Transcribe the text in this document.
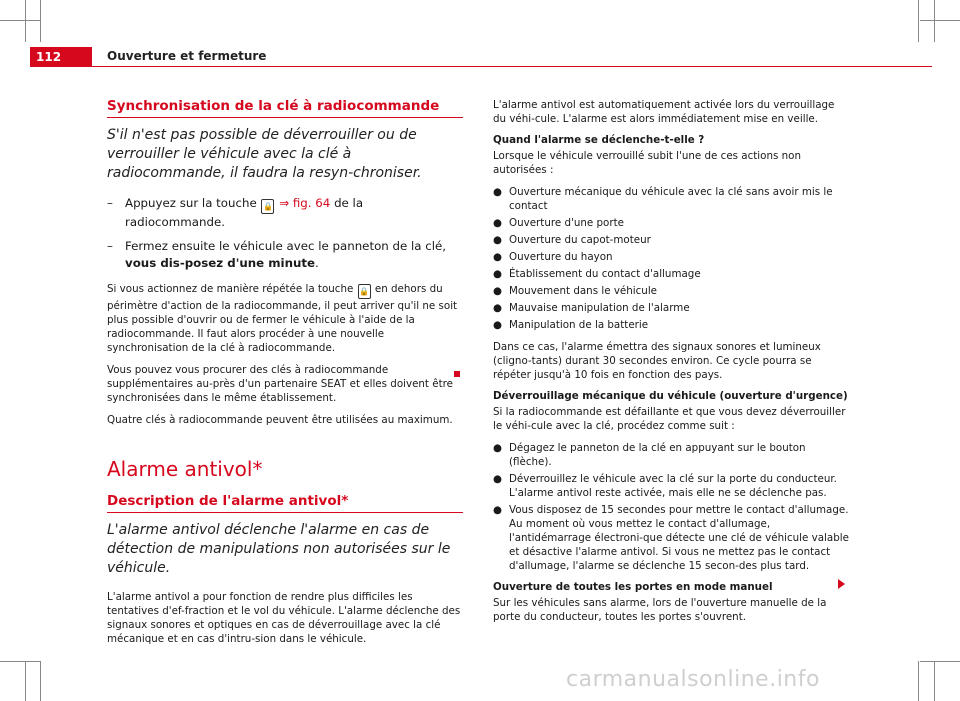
112	Ouverture et fermeture
Synchronisation de la clé à radiocommande

S'il n'est pas possible de déverrouiller ou de verrouiller le véhicule avec la clé à radiocommande, il faudra la resyn-chroniser.

–	Appuyez sur la touche 🔒 ⇒ fig. 64 de la radiocommande.
–	Fermez ensuite le véhicule avec le panneton de la clé, vous dis-posez d'une minute.

Si vous actionnez de manière répétée la touche 🔒 en dehors du périmètre d'action de la radiocommande, il peut arriver qu'il ne soit plus possible d'ouvrir ou de fermer le véhicule à l'aide de la radiocommande. Il faut alors procéder à une nouvelle synchronisation de la clé à radiocommande.

Vous pouvez vous procurer des clés à radiocommande supplémentaires au-près d'un partenaire SEAT et elles doivent être synchronisées dans le même établissement.

Quatre clés à radiocommande peuvent être utilisées au maximum.

Alarme antivol*
Description de l'alarme antivol*

L'alarme antivol déclenche l'alarme en cas de détection de manipulations non autorisées sur le véhicule.

L'alarme antivol a pour fonction de rendre plus difficiles les tentatives d'ef-fraction et le vol du véhicule. L'alarme déclenche des signaux sonores et optiques en cas de déverrouillage avec la clé mécanique et en cas d'intru-sion dans le véhicule.

L'alarme antivol est automatiquement activée lors du verrouillage du véhi-cule. L'alarme est alors immédiatement mise en veille.

Quand l'alarme se déclenche-t-elle ?

Lorsque le véhicule verrouillé subit l'une de ces actions non autorisées :

● Ouverture mécanique du véhicule avec la clé sans avoir mis le contact
● Ouverture d'une porte
● Ouverture du capot-moteur
● Ouverture du hayon
● Établissement du contact d'allumage
● Mouvement dans le véhicule
● Mauvaise manipulation de l'alarme
● Manipulation de la batterie

Dans ce cas, l'alarme émettra des signaux sonores et lumineux (cligno-tants) durant 30 secondes environ. Ce cycle pourra se répéter jusqu'à 10 fois en fonction des pays.

Déverrouillage mécanique du véhicule (ouverture d'urgence)

Si la radiocommande est défaillante et que vous devez déverrouiller le véhi-cule avec la clé, procédez comme suit :

● Dégagez le panneton de la clé en appuyant sur le bouton (flèche).
● Déverrouillez le véhicule avec la clé sur la porte du conducteur. L'alarme antivol reste activée, mais elle ne se déclenche pas.
● Vous disposez de 15 secondes pour mettre le contact d'allumage. Au moment où vous mettez le contact d'allumage, l'antidémarrage électroni-que détecte une clé de véhicule valable et désactive l'alarme antivol. Si vous ne mettez pas le contact d'allumage, l'alarme se déclenche 15 secon-des plus tard.

Ouverture de toutes les portes en mode manuel

Sur les véhicules sans alarme, lors de l'ouverture manuelle de la porte du conducteur, toutes les portes s'ouvrent.

carmanualsonline.info
